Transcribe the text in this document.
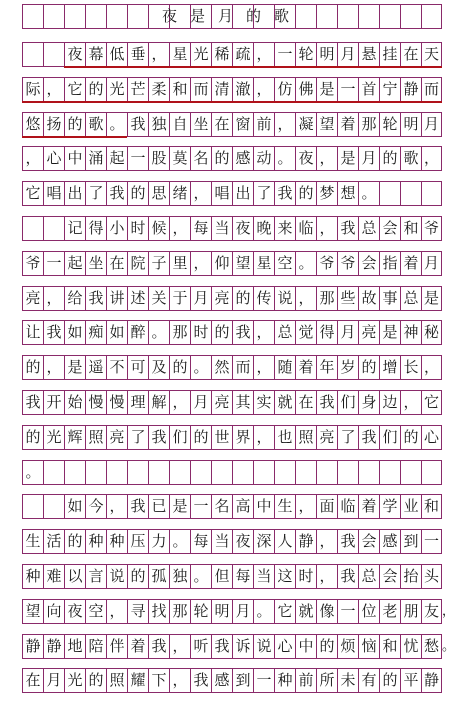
夜是月的歌
夜 幕 低 垂 ， 星 光 稀 疏 ， 一 轮 明 月 悬 挂 在 天
际 ， 它 的 光 芒 柔 和 而 清 澈 ， 仿 佛 是 一 首 宁 静 而
悠 扬 的 歌 。 我 独 自 坐 在 窗 前 ， 凝 望 着 那 轮 明 月
， 心 中 涌 起 一 股 莫 名 的 感 动 。 夜 ， 是 月 的 歌 ，
它 唱 出 了 我 的 思 绪 ， 唱 出 了 我 的 梦 想 。
记 得 小 时 候 ， 每 当 夜 晚 来 临 ， 我 总 会 和 爷
爷 一 起 坐 在 院 子 里 ， 仰 望 星 空 。 爷 爷 会 指 着 月
亮 ， 给 我 讲 述 关 于 月 亮 的 传 说 ， 那 些 故 事 总 是
让 我 如 痴 如 醉 。 那 时 的 我 ， 总 觉 得 月 亮 是 神 秘
的 ， 是 遥 不 可 及 的 。 然 而 ， 随 着 年 岁 的 增 长 ，
我 开 始 慢 慢 理 解 ， 月 亮 其 实 就 在 我 们 身 边 ， 它
的 光 辉 照 亮 了 我 们 的 世 界 ， 也 照 亮 了 我 们 的 心
。
如 今 ， 我 已 是 一 名 高 中 生 ， 面 临 着 学 业 和
生 活 的 种 种 压 力 。 每 当 夜 深 人 静 ， 我 会 感 到 一
种 难 以 言 说 的 孤 独 。 但 每 当 这 时 ， 我 总 会 抬 头
望 向 夜 空 ， 寻 找 那 轮 明 月 。 它 就 像 一 位 老 朋 友 ，
静 静 地 陪 伴 着 我 ， 听 我 诉 说 心 中 的 烦 恼 和 忧 愁 。
在 月 光 的 照 耀 下 ， 我 感 到 一 种 前 所 未 有 的 平 静
